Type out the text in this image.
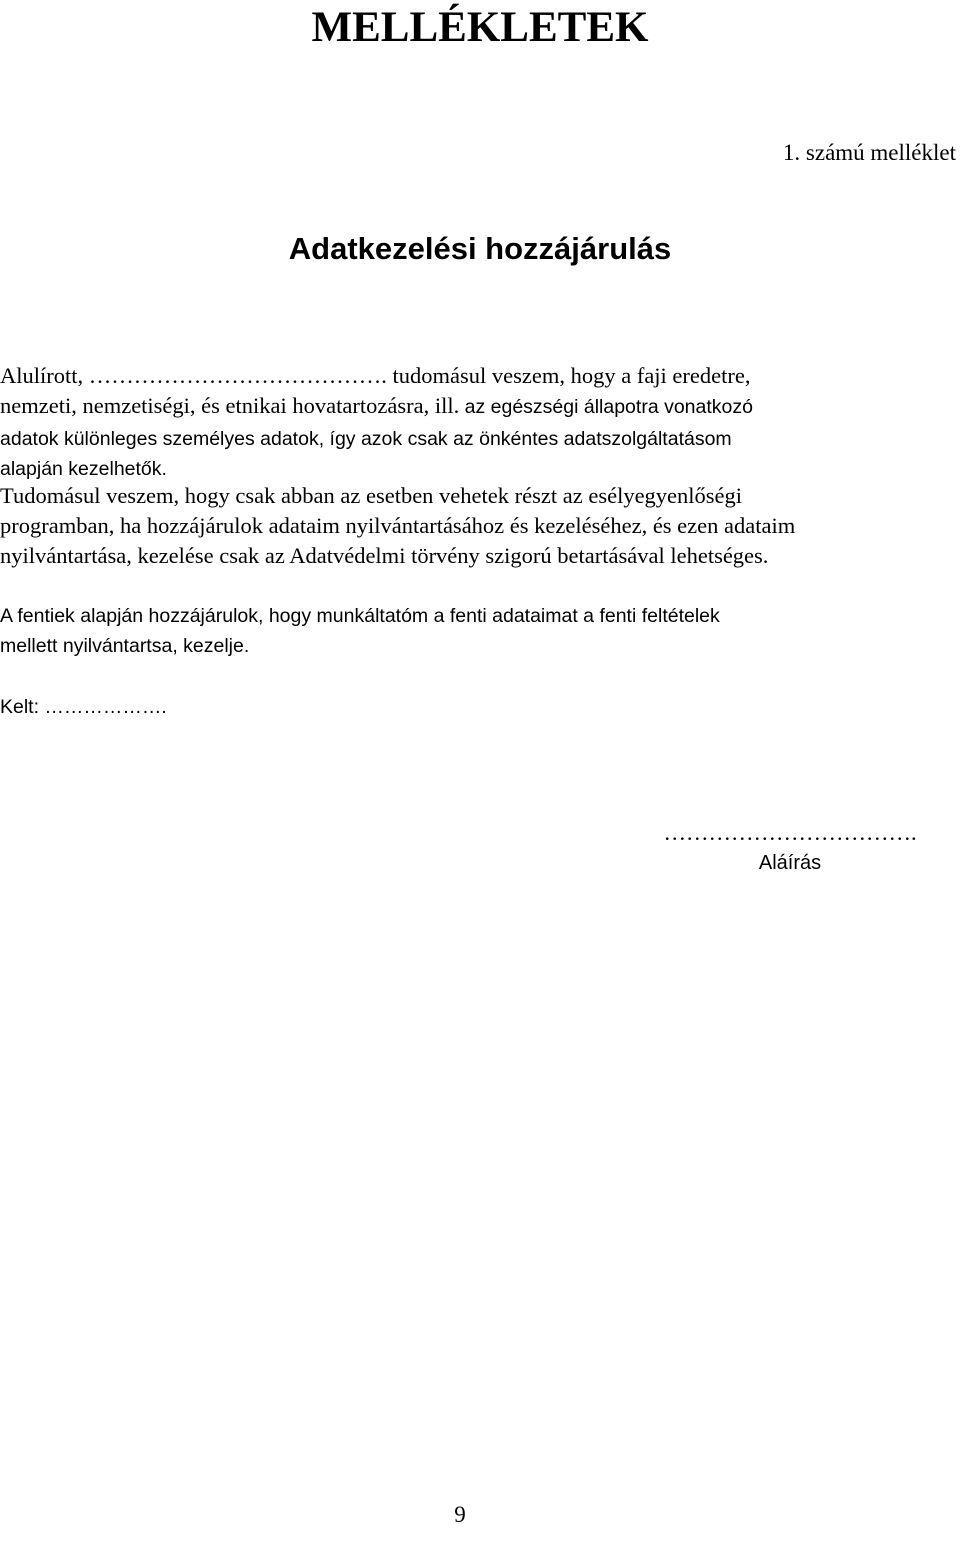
MELLÉKLETEK

1. számú melléklet

Adatkezelési hozzájárulás
Alulírott, …………………………………. tudomásul veszem, hogy a faji eredetre,
nemzeti, nemzetiségi, és etnikai hovatartozásra, ill. az egészségi állapotra vonatkozó
adatok különleges személyes adatok, így azok csak az önkéntes adatszolgáltatásom
alapján kezelhetők.
Tudomásul veszem, hogy csak abban az esetben vehetek részt az esélyegyenlőségi
programban, ha hozzájárulok adataim nyilvántartásához és kezeléséhez, és ezen adataim
nyilvántartása, kezelése csak az Adatvédelmi törvény szigorú betartásával lehetséges.
A fentiek alapján hozzájárulok, hogy munkáltatóm a fenti adataimat a fenti feltételek
mellett nyilvántartsa, kezelje.
Kelt: ……………….
…………………………….
Aláírás
9
